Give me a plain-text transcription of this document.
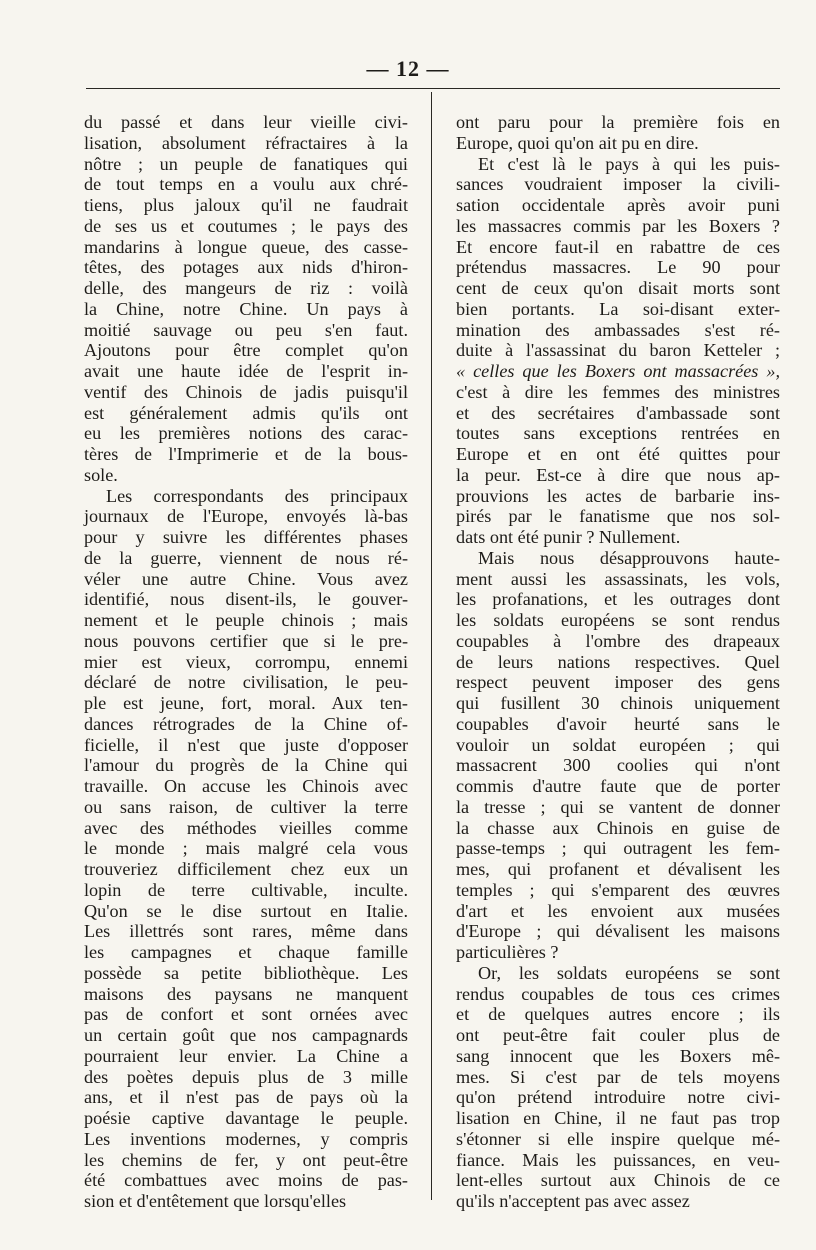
— 12 —
du passé et dans leur vieille civi-
lisation, absolument réfractaires à la
nôtre ; un peuple de fanatiques qui
de tout temps en a voulu aux chré-
tiens, plus jaloux qu'il ne faudrait
de ses us et coutumes ; le pays des
mandarins à longue queue, des casse-
têtes, des potages aux nids d'hiron-
delle, des mangeurs de riz : voilà
la Chine, notre Chine. Un pays à
moitié sauvage ou peu s'en faut.
Ajoutons pour être complet qu'on
avait une haute idée de l'esprit in-
ventif des Chinois de jadis puisqu'il
est généralement admis qu'ils ont
eu les premières notions des carac-
tères de l'Imprimerie et de la bous-
sole.
Les correspondants des principaux
journaux de l'Europe, envoyés là-bas
pour y suivre les différentes phases
de la guerre, viennent de nous ré-
véler une autre Chine. Vous avez
identifié, nous disent-ils, le gouver-
nement et le peuple chinois ; mais
nous pouvons certifier que si le pre-
mier est vieux, corrompu, ennemi
déclaré de notre civilisation, le peu-
ple est jeune, fort, moral. Aux ten-
dances rétrogrades de la Chine of-
ficielle, il n'est que juste d'opposer
l'amour du progrès de la Chine qui
travaille. On accuse les Chinois avec
ou sans raison, de cultiver la terre
avec des méthodes vieilles comme
le monde ; mais malgré cela vous
trouveriez difficilement chez eux un
lopin de terre cultivable, inculte.
Qu'on se le dise surtout en Italie.
Les illettrés sont rares, même dans
les campagnes et chaque famille
possède sa petite bibliothèque. Les
maisons des paysans ne manquent
pas de confort et sont ornées avec
un certain goût que nos campagnards
pourraient leur envier. La Chine a
des poètes depuis plus de 3 mille
ans, et il n'est pas de pays où la
poésie captive davantage le peuple.
Les inventions modernes, y compris
les chemins de fer, y ont peut-être
été combattues avec moins de pas-
sion et d'entêtement que lorsqu'elles
ont paru pour la première fois en
Europe, quoi qu'on ait pu en dire.
Et c'est là le pays à qui les puis-
sances voudraient imposer la civili-
sation occidentale après avoir puni
les massacres commis par les Boxers ?
Et encore faut-il en rabattre de ces
prétendus massacres. Le 90 pour
cent de ceux qu'on disait morts sont
bien portants. La soi-disant exter-
mination des ambassades s'est ré-
duite à l'assassinat du baron Ketteler ;
« celles que les Boxers ont massacrées »,
c'est à dire les femmes des ministres
et des secrétaires d'ambassade sont
toutes sans exceptions rentrées en
Europe et en ont été quittes pour
la peur. Est-ce à dire que nous ap-
prouvions les actes de barbarie ins-
pirés par le fanatisme que nos sol-
dats ont été punir ? Nullement.
Mais nous désapprouvons haute-
ment aussi les assassinats, les vols,
les profanations, et les outrages dont
les soldats européens se sont rendus
coupables à l'ombre des drapeaux
de leurs nations respectives. Quel
respect peuvent imposer des gens
qui fusillent 30 chinois uniquement
coupables d'avoir heurté sans le
vouloir un soldat européen ; qui
massacrent 300 coolies qui n'ont
commis d'autre faute que de porter
la tresse ; qui se vantent de donner
la chasse aux Chinois en guise de
passe-temps ; qui outragent les fem-
mes, qui profanent et dévalisent les
temples ; qui s'emparent des œuvres
d'art et les envoient aux musées
d'Europe ; qui dévalisent les maisons
particulières ?
Or, les soldats européens se sont
rendus coupables de tous ces crimes
et de quelques autres encore ; ils
ont peut-être fait couler plus de
sang innocent que les Boxers mê-
mes. Si c'est par de tels moyens
qu'on prétend introduire notre civi-
lisation en Chine, il ne faut pas trop
s'étonner si elle inspire quelque mé-
fiance. Mais les puissances, en veu-
lent-elles surtout aux Chinois de ce
qu'ils n'acceptent pas avec assez
